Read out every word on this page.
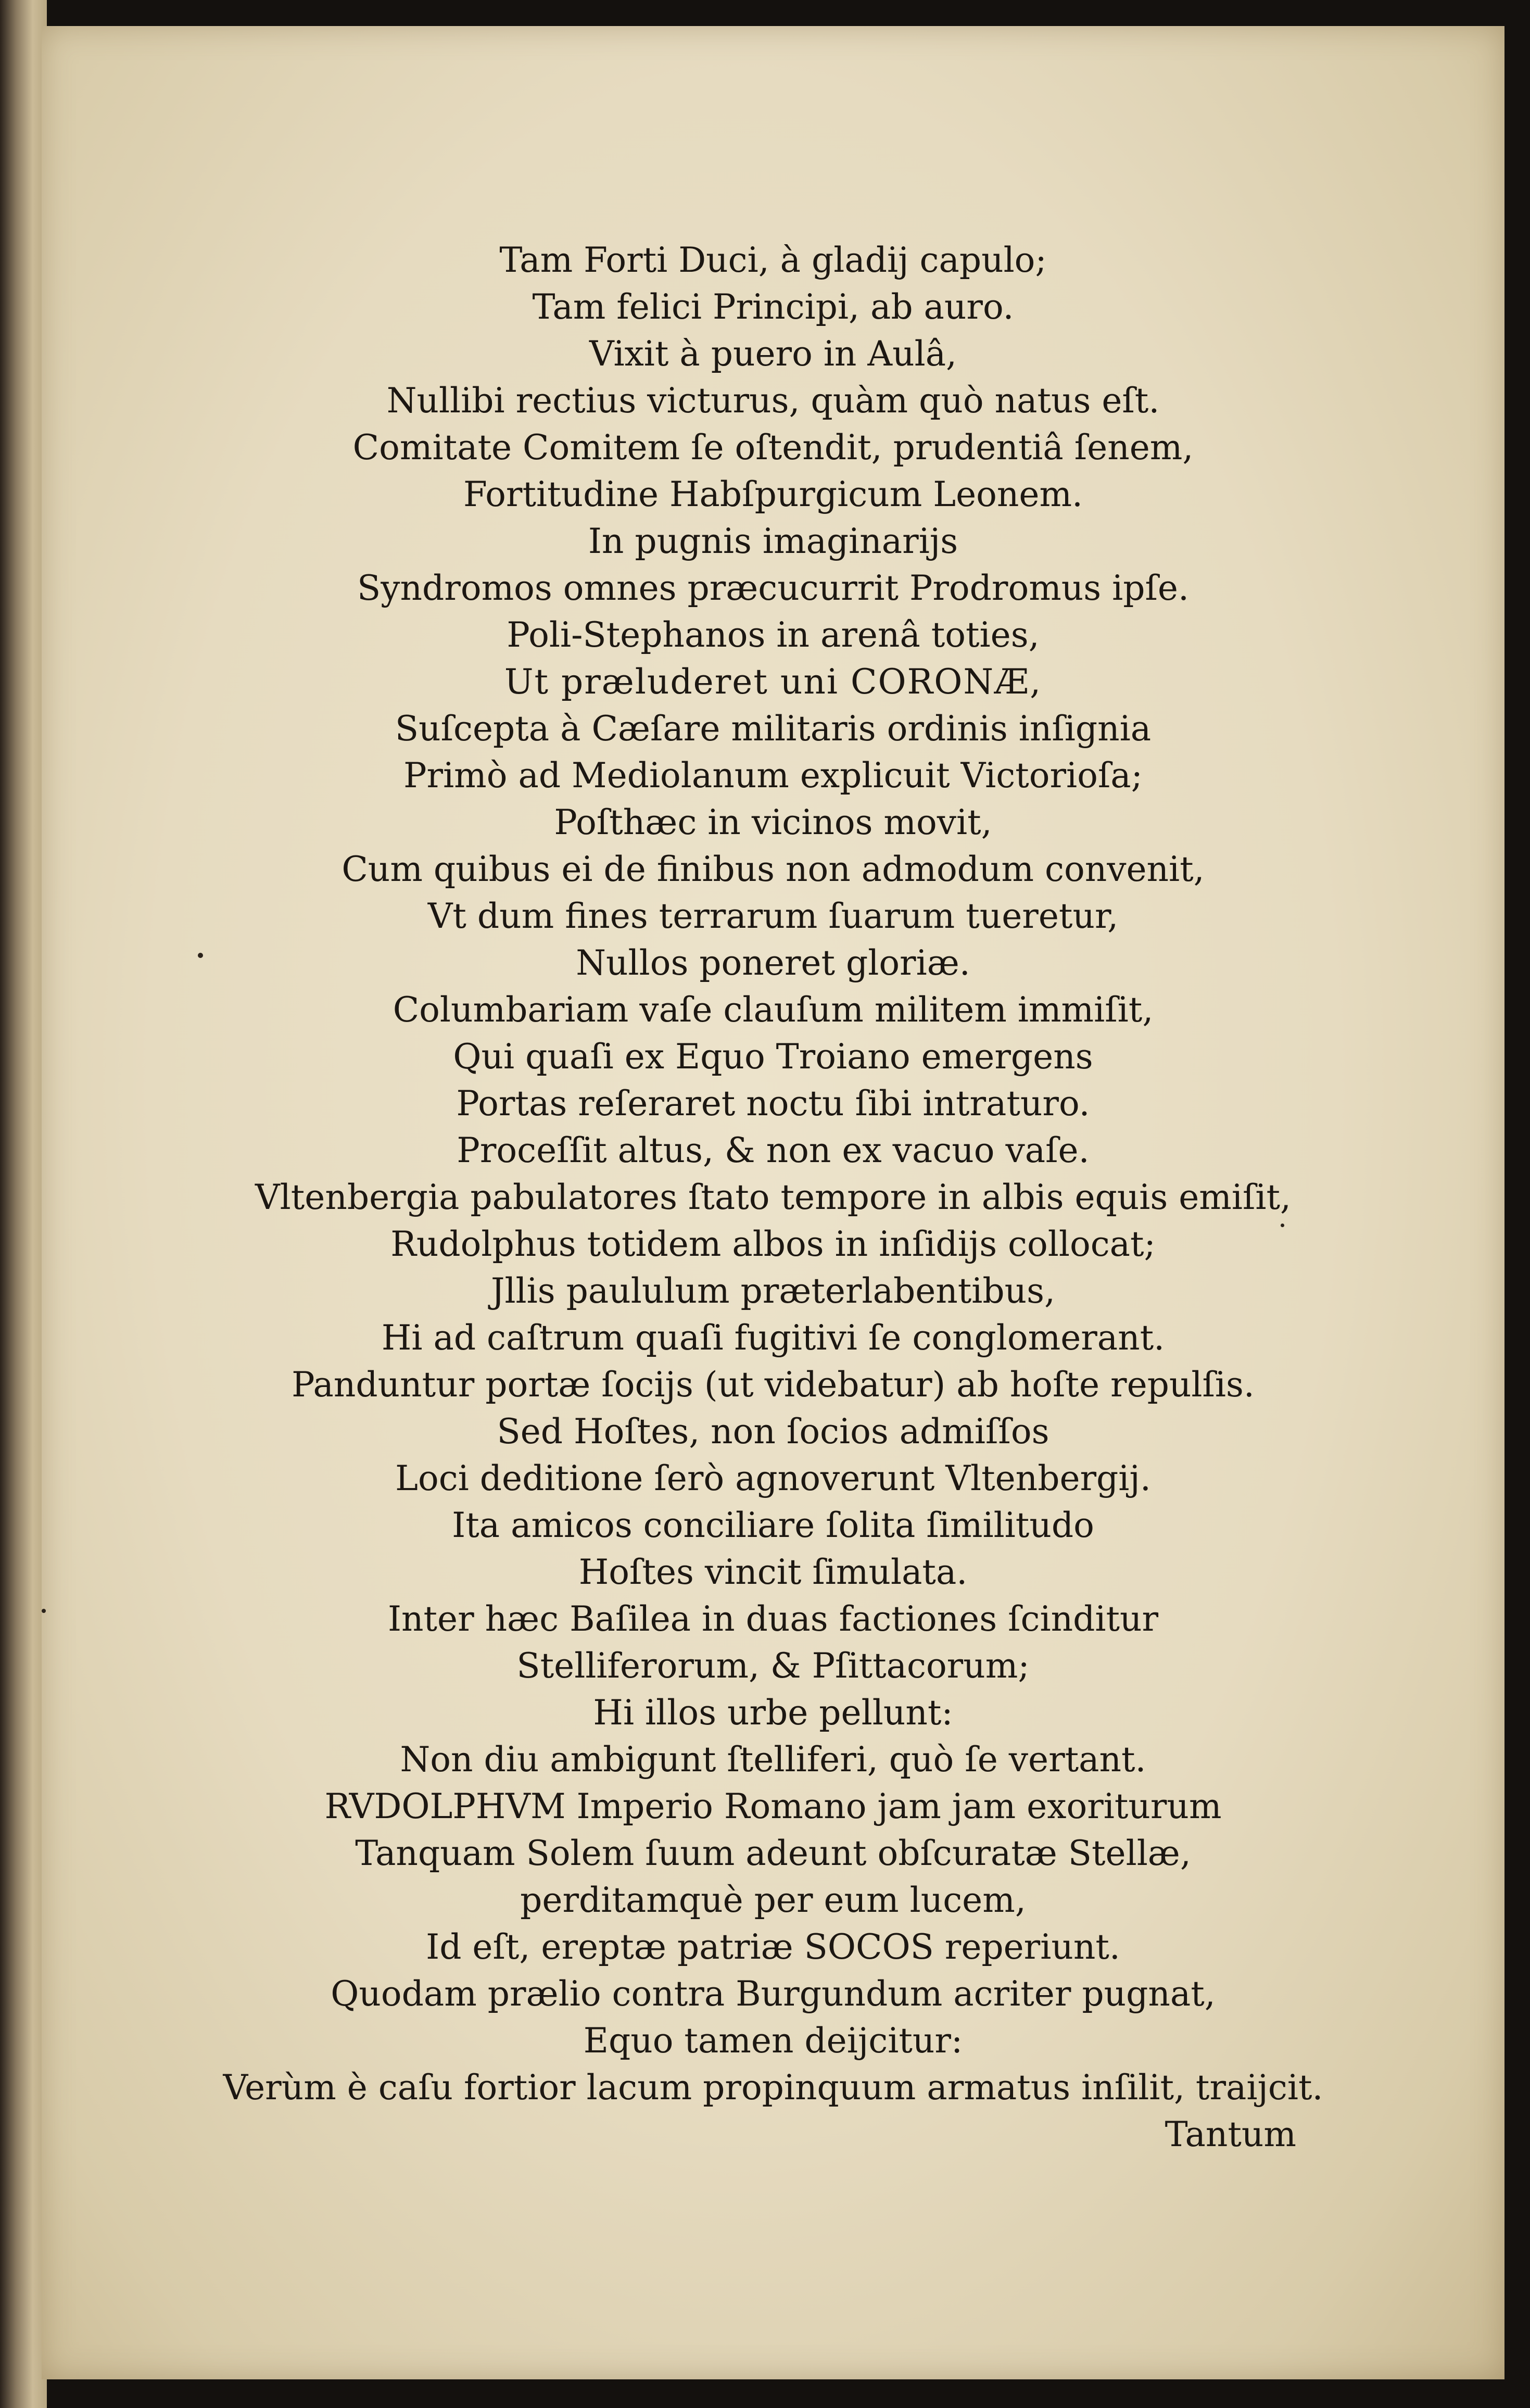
Tam Forti Duci, à gladij capulo;
Tam felici Principi, ab auro.
Vixit à puero in Aulâ,
Nullibi rectius victurus, quàm quò natus eſt.
Comitate Comitem ſe oſtendit, prudentiâ ſenem,
Fortitudine Habſpurgicum Leonem.
In pugnis imaginarijs
Syndromos omnes præcucurrit Prodromus ipſe.
Poli-Stephanos in arenâ toties,
Ut præluderet uni CORONÆ,
Suſcepta à Cæſare militaris ordinis inſignia
Primò ad Mediolanum explicuit Victorioſa;
Poſthæc in vicinos movit,
Cum quibus ei de finibus non admodum convenit,
Vt dum fines terrarum ſuarum tueretur,
Nullos poneret gloriæ.
Columbariam vaſe clauſum militem immiſit,
Qui quaſi ex Equo Troiano emergens
Portas reſeraret noctu ſibi intraturo.
Proceſſit altus, & non ex vacuo vaſe.
Vltenbergia pabulatores ſtato tempore in albis equis emiſit,
Rudolphus totidem albos in inſidijs collocat;
Jllis paululum præterlabentibus,
Hi ad caſtrum quaſi fugitivi ſe conglomerant.
Panduntur portæ ſocijs (ut videbatur) ab hoſte repulſis.
Sed Hoſtes, non ſocios admiſſos
Loci deditione ſerò agnoverunt Vltenbergij.
Ita amicos conciliare ſolita ſimilitudo
Hoſtes vincit ſimulata.
Inter hæc Baſilea in duas factiones ſcinditur
Stelliferorum, & Pſittacorum;
Hi illos urbe pellunt:
Non diu ambigunt ſtelliferi, quò ſe vertant.
RVDOLPHVM Imperio Romano jam jam exoriturum
Tanquam Solem ſuum adeunt obſcuratæ Stellæ,
perditamquè per eum lucem,
Id eſt, ereptæ patriæ SOCOS reperiunt.
Quodam prælio contra Burgundum acriter pugnat,
Equo tamen deijcitur:
Verùm è caſu fortior lacum propinquum armatus inſilit, traijcit.
Tantum
